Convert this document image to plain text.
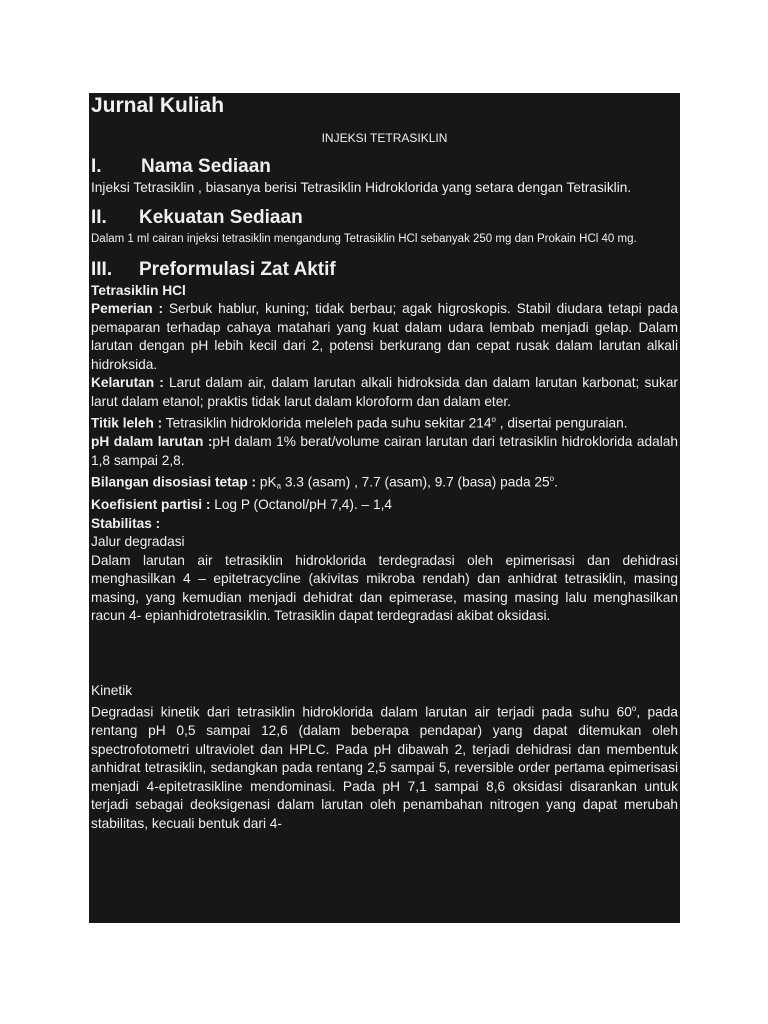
Jurnal Kuliah
INJEKSI TETRASIKLIN
I.	Nama Sediaan

Injeksi Tetrasiklin , biasanya berisi Tetrasiklin Hidroklorida yang setara dengan Tetrasiklin.

II.	Kekuatan Sediaan

Dalam 1 ml cairan injeksi tetrasiklin mengandung Tetrasiklin HCl sebanyak 250 mg dan Prokain HCl 40 mg.

III.	Preformulasi Zat Aktif

Tetrasiklin HCl

Pemerian : Serbuk hablur, kuning; tidak berbau; agak higroskopis. Stabil diudara tetapi pada pemaparan terhadap cahaya matahari yang kuat dalam udara lembab menjadi gelap. Dalam larutan dengan pH lebih kecil dari 2, potensi berkurang dan cepat rusak dalam larutan alkali hidroksida.

Kelarutan : Larut dalam air, dalam larutan alkali hidroksida dan dalam larutan karbonat; sukar larut dalam etanol; praktis tidak larut dalam kloroform dan dalam eter.

Titik leleh : Tetrasiklin hidroklorida meleleh pada suhu sekitar 214$^o$ , disertai penguraian.

pH dalam larutan :pH dalam 1% berat/volume cairan larutan dari tetrasiklin hidroklorida adalah 1,8 sampai 2,8.

Bilangan disosiasi tetap : $pK_a$ 3.3 (asam) , 7.7 (asam), 9.7 (basa) pada 25$^o$.

Koefisient partisi : Log P (Octanol/pH 7,4). – 1,4

Stabilitas :

Jalur degradasi

Dalam larutan air tetrasiklin hidroklorida terdegradasi oleh epimerisasi dan dehidrasi menghasilkan 4 – epitetracycline (akivitas mikroba rendah) dan anhidrat tetrasiklin, masing masing, yang kemudian menjadi dehidrat dan epimerase, masing masing lalu menghasilkan racun 4- epianhidrotetrasiklin. Tetrasiklin dapat terdegradasi akibat oksidasi.

Kinetik

Degradasi kinetik dari tetrasiklin hidroklorida dalam larutan air terjadi pada suhu 60$^o$, pada rentang pH 0,5 sampai 12,6 (dalam beberapa pendapar) yang dapat ditemukan oleh spectrofotometri ultraviolet dan HPLC. Pada pH dibawah 2, terjadi dehidrasi dan membentuk anhidrat tetrasiklin, sedangkan pada rentang 2,5 sampai 5, reversible order pertama epimerisasi menjadi 4-epitetrasikline mendominasi. Pada pH 7,1 sampai 8,6 oksidasi disarankan untuk terjadi sebagai deoksigenasi dalam larutan oleh penambahan nitrogen yang dapat merubah stabilitas, kecuali bentuk dari 4-
